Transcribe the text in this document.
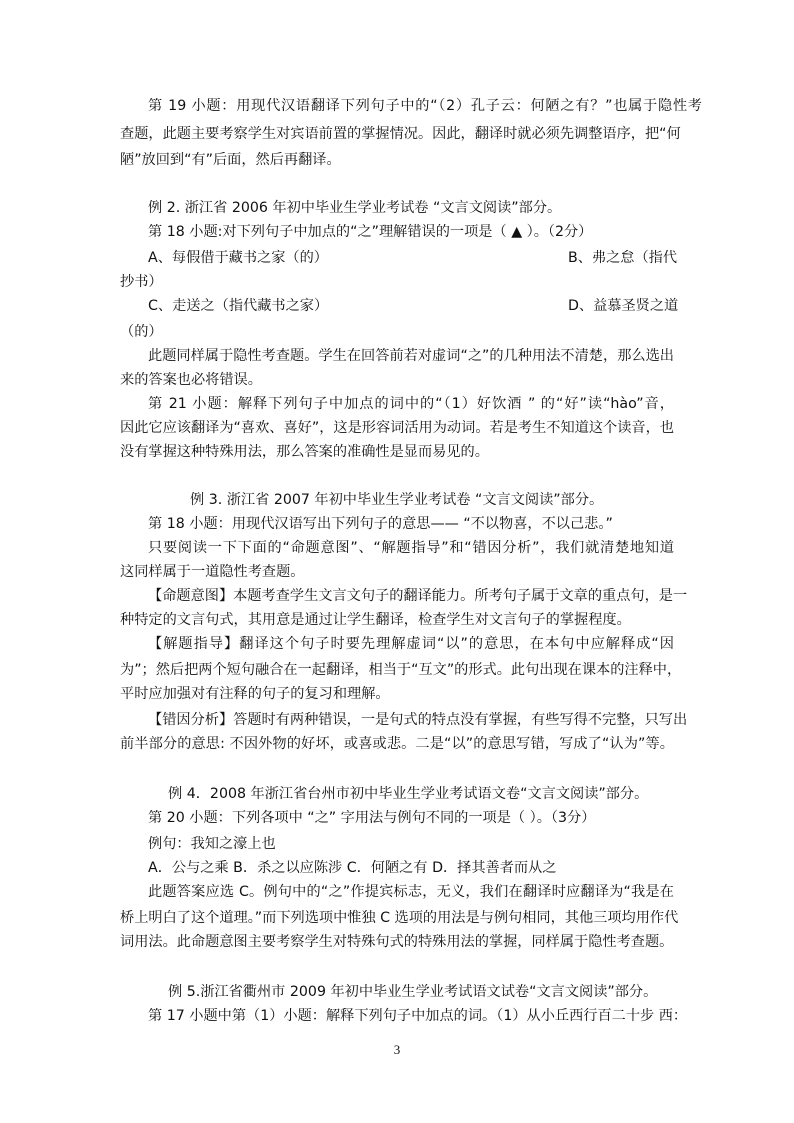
第 19 小题：用现代汉语翻译下列句子中的“（2）孔子云：何陋之有？”也属于隐性考
查题，此题主要考察学生对宾语前置的掌握情况。因此，翻译时就必须先调整语序，把“何
陋”放回到“有”后面，然后再翻译。
例 2. 浙江省 2006 年初中毕业生学业考试卷 “文言文阅读”部分。
第 18 小题:对下列句子中加点的“之”理解错误的一项是（ ▲ ）。（2分）
A、每假借于藏书之家（的）	B、弗之怠（指代
抄书）
C、走送之（指代藏书之家）	D、益慕圣贤之道
（的）
此题同样属于隐性考查题。学生在回答前若对虚词“之”的几种用法不清楚，那么选出
来的答案也必将错误。
第 21 小题：解释下列句子中加点的词中的“（1）好饮酒 ” 的“好”读“hào”音，
因此它应该翻译为“喜欢、喜好”，这是形容词活用为动词。若是考生不知道这个读音，也
没有掌握这种特殊用法，那么答案的准确性是显而易见的。
例 3. 浙江省 2007 年初中毕业生学业考试卷 “文言文阅读”部分。
第 18 小题：用现代汉语写出下列句子的意思—— “不以物喜，不以己悲。”
只要阅读一下下面的“命题意图”、“解题指导”和“错因分析”，我们就清楚地知道
这同样属于一道隐性考查题。
【命题意图】本题考查学生文言文句子的翻译能力。所考句子属于文章的重点句，是一
种特定的文言句式，其用意是通过让学生翻译，检查学生对文言句子的掌握程度。
【解题指导】翻译这个句子时要先理解虚词“以”的意思，在本句中应解释成“因
为”；然后把两个短句融合在一起翻译，相当于“互文”的形式。此句出现在课本的注释中，
平时应加强对有注释的句子的复习和理解。
【错因分析】答题时有两种错误，一是句式的特点没有掌握，有些写得不完整，只写出
前半部分的意思: 不因外物的好坏，或喜或悲。二是“以”的意思写错，写成了“认为”等。
例 4．2008 年浙江省台州市初中毕业生学业考试语文卷“文言文阅读”部分。
第 20 小题：下列各项中 “之” 字用法与例句不同的一项是（ ）。（3分）
例句：我知之濠上也
A．公与之乘 B．杀之以应陈涉 C．何陋之有 D．择其善者而从之
此题答案应选 C。例句中的“之”作提宾标志，无义，我们在翻译时应翻译为“我是在
桥上明白了这个道理。”而下列选项中惟独 C 选项的用法是与例句相同，其他三项均用作代
词用法。此命题意图主要考察学生对特殊句式的特殊用法的掌握，同样属于隐性考查题。
例 5.浙江省衢州市 2009 年初中毕业生学业考试语文试卷“文言文阅读”部分。
第 17 小题中第（1）小题：解释下列句子中加点的词。（1）从小丘西行百二十步 西：
3
